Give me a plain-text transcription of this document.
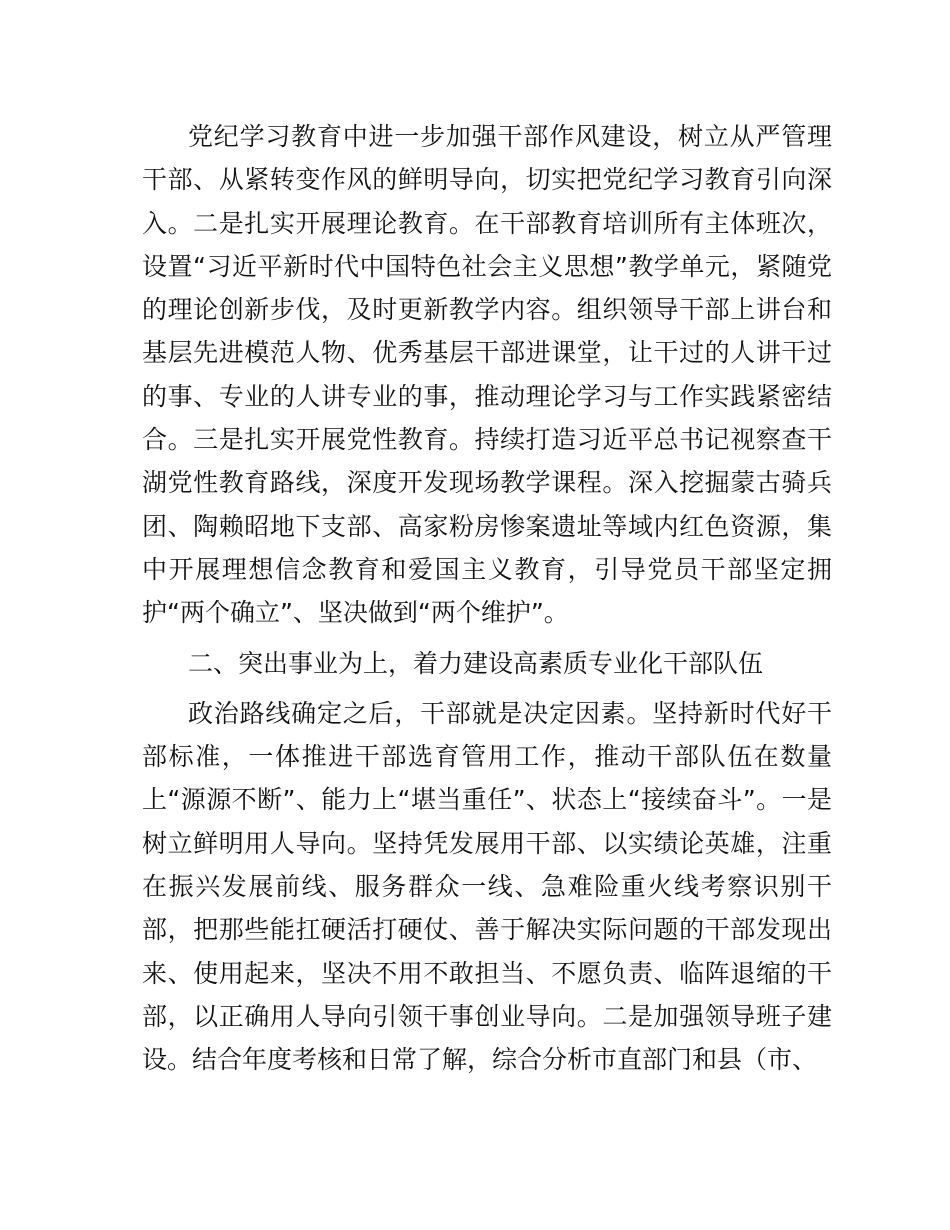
党纪学习教育中进一步加强干部作风建设，树立从严管理干部、从紧转变作风的鲜明导向，切实把党纪学习教育引向深入。二是扎实开展理论教育。在干部教育培训所有主体班次，设置“习近平新时代中国特色社会主义思想”教学单元，紧随党的理论创新步伐，及时更新教学内容。组织领导干部上讲台和基层先进模范人物、优秀基层干部进课堂，让干过的人讲干过的事、专业的人讲专业的事，推动理论学习与工作实践紧密结合。三是扎实开展党性教育。持续打造习近平总书记视察查干湖党性教育路线，深度开发现场教学课程。深入挖掘蒙古骑兵团、陶赖昭地下支部、高家粉房惨案遗址等域内红色资源，集中开展理想信念教育和爱国主义教育，引导党员干部坚定拥护“两个确立”、坚决做到“两个维护”。

二、突出事业为上，着力建设高素质专业化干部队伍

政治路线确定之后，干部就是决定因素。坚持新时代好干部标准，一体推进干部选育管用工作，推动干部队伍在数量上“源源不断”、能力上“堪当重任”、状态上“接续奋斗”。一是树立鲜明用人导向。坚持凭发展用干部、以实绩论英雄，注重在振兴发展前线、服务群众一线、急难险重火线考察识别干部，把那些能扛硬活打硬仗、善于解决实际问题的干部发现出来、使用起来，坚决不用不敢担当、不愿负责、临阵退缩的干部，以正确用人导向引领干事创业导向。二是加强领导班子建设。结合年度考核和日常了解，综合分析市直部门和县（市、
